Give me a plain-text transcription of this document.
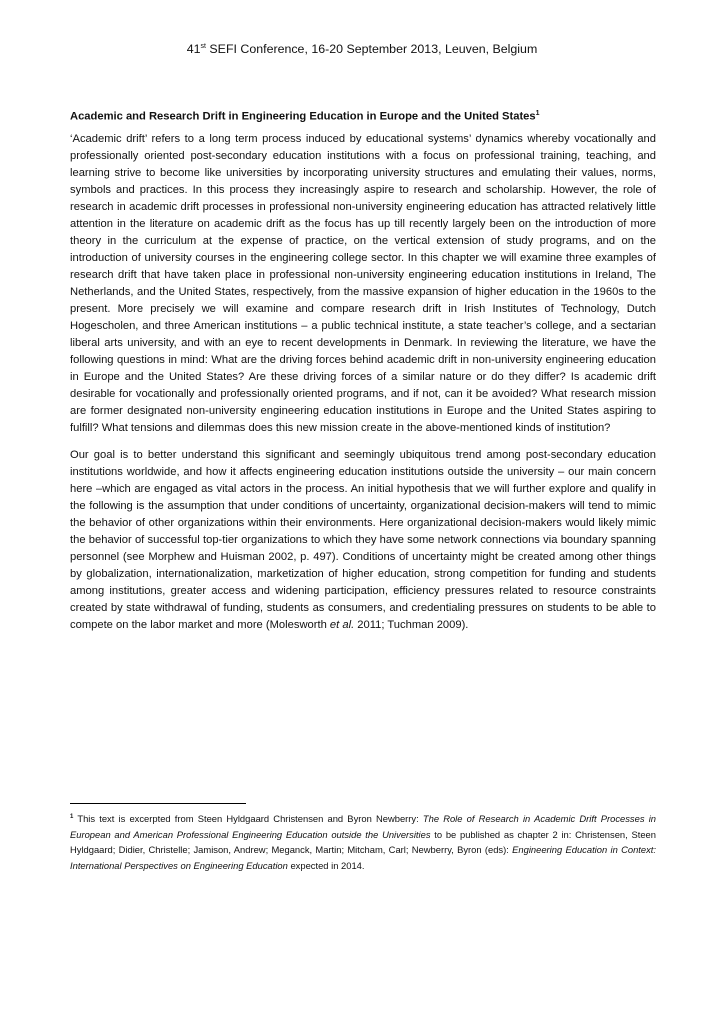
41st SEFI Conference, 16-20 September 2013, Leuven, Belgium
Academic and Research Drift in Engineering Education in Europe and the United States$^1$

‘Academic drift’ refers to a long term process induced by educational systems’ dynamics whereby vocationally and professionally oriented post-secondary education institutions with a focus on professional training, teaching, and learning strive to become like universities by incorporating university structures and emulating their values, norms, symbols and practices. In this process they increasingly aspire to research and scholarship. However, the role of research in academic drift processes in professional non-university engineering education has attracted relatively little attention in the literature on academic drift as the focus has up till recently largely been on the introduction of more theory in the curriculum at the expense of practice, on the vertical extension of study programs, and on the introduction of university courses in the engineering college sector. In this chapter we will examine three examples of research drift that have taken place in professional non-university engineering education institutions in Ireland, The Netherlands, and the United States, respectively, from the massive expansion of higher education in the 1960s to the present. More precisely we will examine and compare research drift in Irish Institutes of Technology, Dutch Hogescholen, and three American institutions – a public technical institute, a state teacher’s college, and a sectarian liberal arts university, and with an eye to recent developments in Denmark. In reviewing the literature, we have the following questions in mind: What are the driving forces behind academic drift in non-university engineering education in Europe and the United States? Are these driving forces of a similar nature or do they differ? Is academic drift desirable for vocationally and professionally oriented programs, and if not, can it be avoided? What research mission are former designated non-university engineering education institutions in Europe and the United States aspiring to fulfill? What tensions and dilemmas does this new mission create in the above-mentioned kinds of institution?

Our goal is to better understand this significant and seemingly ubiquitous trend among post-secondary education institutions worldwide, and how it affects engineering education institutions outside the university – our main concern here –which are engaged as vital actors in the process. An initial hypothesis that we will further explore and qualify in the following is the assumption that under conditions of uncertainty, organizational decision-makers will tend to mimic the behavior of other organizations within their environments. Here organizational decision-makers would likely mimic the behavior of successful top-tier organizations to which they have some network connections via boundary spanning personnel (see Morphew and Huisman 2002, p. 497). Conditions of uncertainty might be created among other things by globalization, internationalization, marketization of higher education, strong competition for funding and students among institutions, greater access and widening participation, efficiency pressures related to resource constraints created by state withdrawal of funding, students as consumers, and credentialing pressures on students to be able to compete on the labor market and more (Molesworth et al. 2011; Tuchman 2009).

$^1$ This text is excerpted from Steen Hyldgaard Christensen and Byron Newberry: The Role of Research in Academic Drift Processes in European and American Professional Engineering Education outside the Universities to be published as chapter 2 in: Christensen, Steen Hyldgaard; Didier, Christelle; Jamison, Andrew; Meganck, Martin; Mitcham, Carl; Newberry, Byron (eds): Engineering Education in Context: International Perspectives on Engineering Education expected in 2014.
